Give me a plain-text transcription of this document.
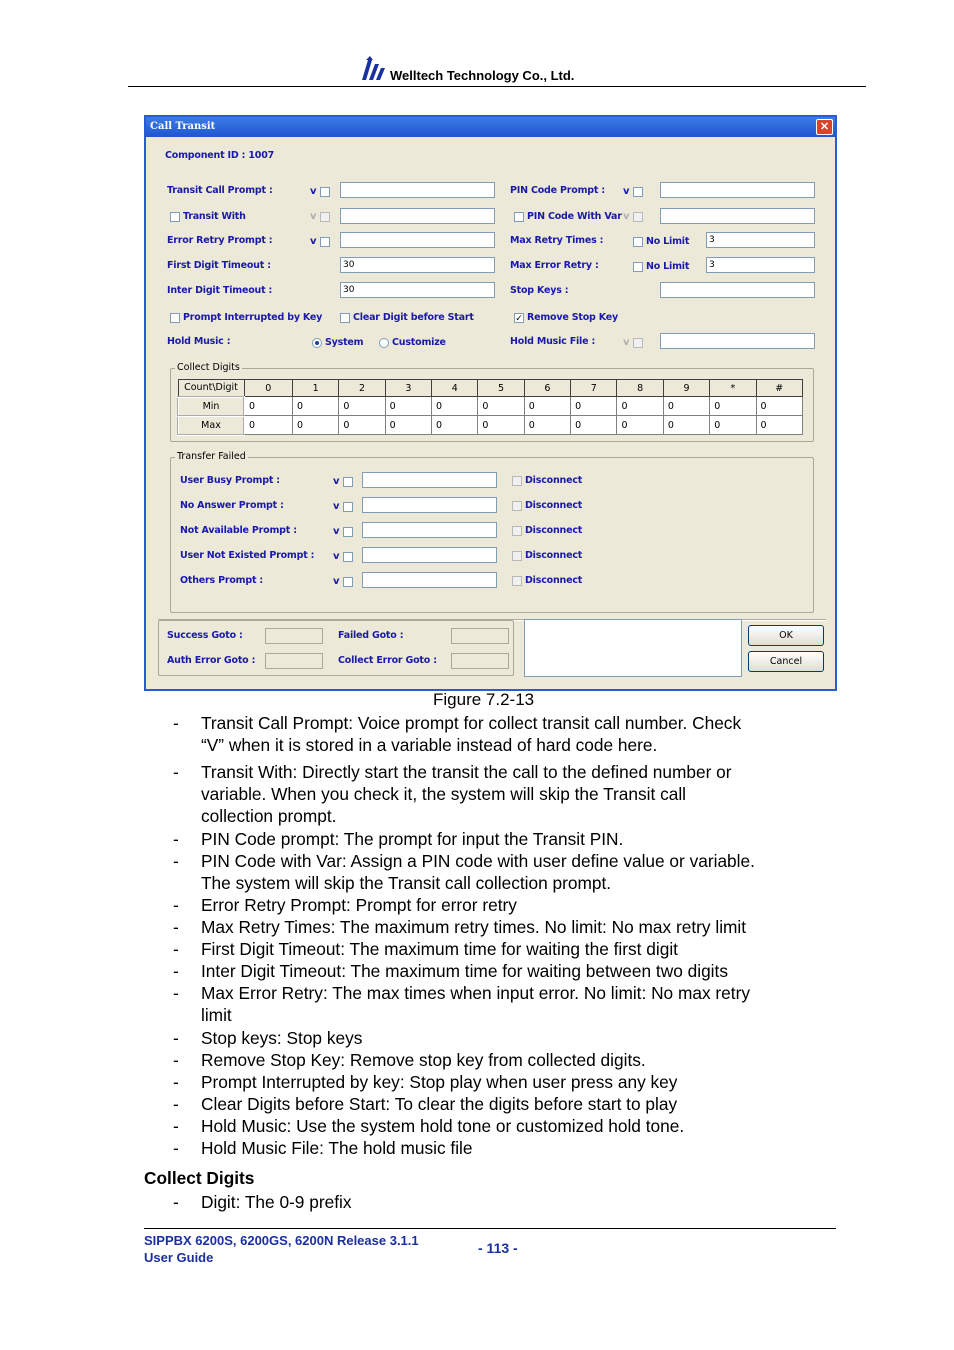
Welltech Technology Co., Ltd.
Call Transit	✕
Component ID : 1007
Transit Call Prompt :	v
Transit With	v
Error Retry Prompt :	v
First Digit Timeout :	30
Inter Digit Timeout :	30
PIN Code Prompt : v
PIN Code With Var v
Max Retry Times :	No Limit	3
Max Error Retry :	No Limit	3
Stop Keys :
Prompt Interrupted by Key	Clear Digit before Start	✓ Remove Stop Key
Hold Music :	System	Customize	Hold Music File :	v
Collect Digits
Count\Digit	0	1	2	3	4	5	6	7	8	9	*	#
Min	0	0	0	0	0	0	0	0	0	0	0	0
Max	0	0	0	0	0	0	0	0	0	0	0	0
Transfer Failed
User Busy Prompt :	v	Disconnect
No Answer Prompt :	v	Disconnect
Not Available Prompt :	v	Disconnect
User Not Existed Prompt : v	Disconnect
Others Prompt :	v	Disconnect
Success Goto :	Failed Goto :
Auth Error Goto :	Collect Error Goto :
OK
Cancel
Figure 7.2-13
- Transit Call Prompt: Voice prompt for collect transit call number. Check
“V” when it is stored in a variable instead of hard code here.
- Transit With: Directly start the transit the call to the defined number or
variable. When you check it, the system will skip the Transit call
collection prompt.
- PIN Code prompt: The prompt for input the Transit PIN.
- PIN Code with Var: Assign a PIN code with user define value or variable.
The system will skip the Transit call collection prompt.
- Error Retry Prompt: Prompt for error retry
- Max Retry Times: The maximum retry times. No limit: No max retry limit
- First Digit Timeout: The maximum time for waiting the first digit
- Inter Digit Timeout: The maximum time for waiting between two digits
- Max Error Retry: The max times when input error. No limit: No max retry
limit
- Stop keys: Stop keys
- Remove Stop Key: Remove stop key from collected digits.
- Prompt Interrupted by key: Stop play when user press any key
- Clear Digits before Start: To clear the digits before start to play
- Hold Music: Use the system hold tone or customized hold tone.
- Hold Music File: The hold music file
Collect Digits
- Digit: The 0-9 prefix
SIPPBX 6200S, 6200GS, 6200N Release 3.1.1
User Guide
- 113 -
